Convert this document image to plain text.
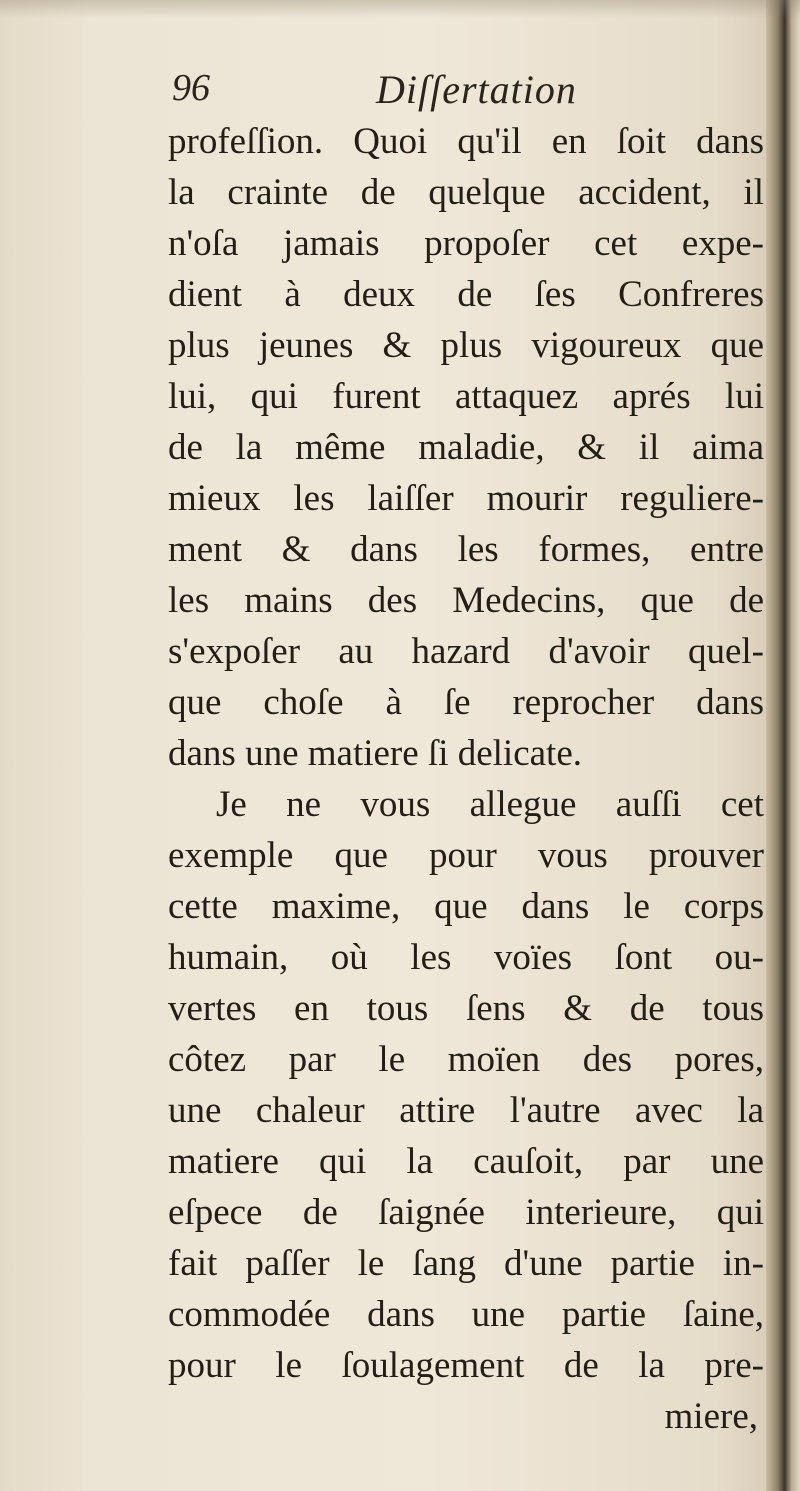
96	Diſſertation
profeſſion. Quoi qu'il en ſoit dans
la crainte de quelque accident, il
n'oſa jamais propoſer cet expe-
dient à deux de ſes Confreres
plus jeunes & plus vigoureux que
lui, qui furent attaquez aprés lui
de la même maladie, & il aima
mieux les laiſſer mourir reguliere-
ment & dans les formes, entre
les mains des Medecins, que de
s'expoſer au hazard d'avoir quel-
que choſe à ſe reprocher dans
dans une matiere ſi delicate.
Je ne vous allegue auſſi cet
exemple que pour vous prouver
cette maxime, que dans le corps
humain, où les voïes ſont ou-
vertes en tous ſens & de tous
côtez par le moïen des pores,
une chaleur attire l'autre avec la
matiere qui la cauſoit, par une
eſpece de ſaignée interieure, qui
fait paſſer le ſang d'une partie in-
commodée dans une partie ſaine,
pour le ſoulagement de la pre-
miere,
